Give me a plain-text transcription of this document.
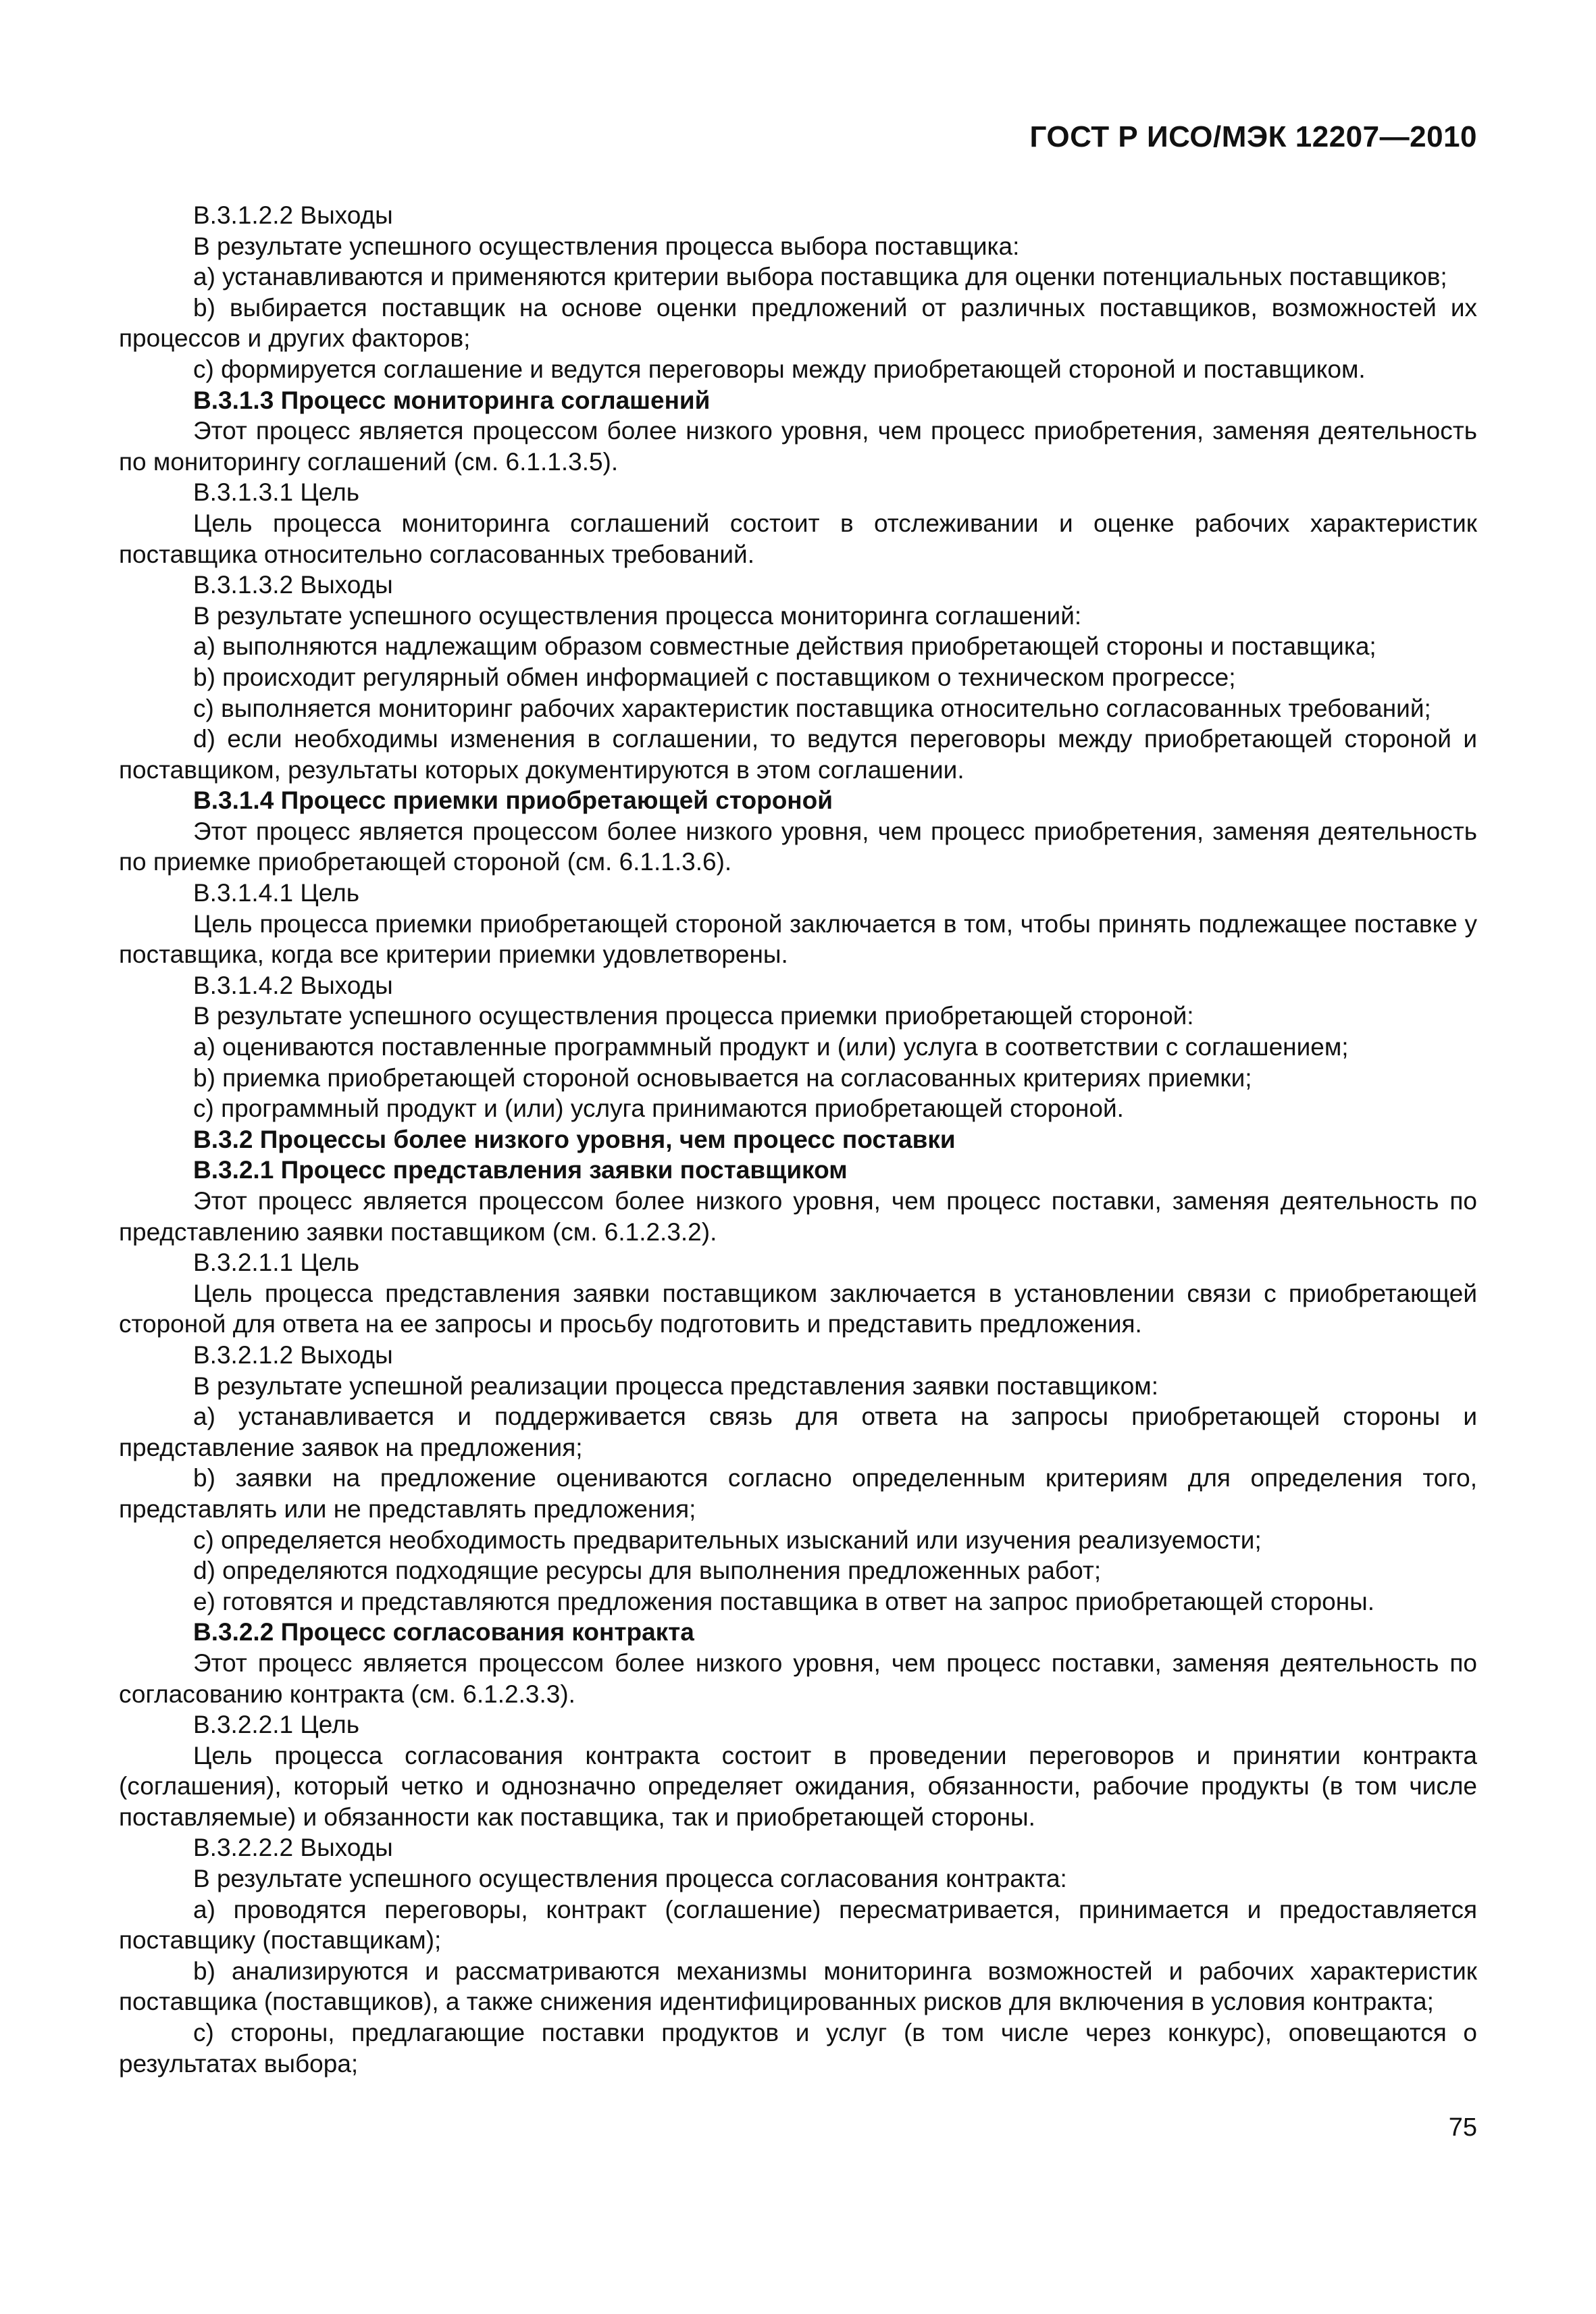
ГОСТ Р ИСО/МЭК 12207—2010

B.3.1.2.2 Выходы

В результате успешного осуществления процесса выбора поставщика:

a) устанавливаются и применяются критерии выбора поставщика для оценки потенциальных поставщиков;

b) выбирается поставщик на основе оценки предложений от различных поставщиков, возможностей их процессов и других факторов;

c) формируется соглашение и ведутся переговоры между приобретающей стороной и поставщиком.

B.3.1.3 Процесс мониторинга соглашений

Этот процесс является процессом более низкого уровня, чем процесс приобретения, заменяя деятельность по мониторингу соглашений (см. 6.1.1.3.5).

B.3.1.3.1 Цель

Цель процесса мониторинга соглашений состоит в отслеживании и оценке рабочих характеристик поставщика относительно согласованных требований.

B.3.1.3.2 Выходы

В результате успешного осуществления процесса мониторинга соглашений:

a) выполняются надлежащим образом совместные действия приобретающей стороны и поставщика;

b) происходит регулярный обмен информацией с поставщиком о техническом прогрессе;

c) выполняется мониторинг рабочих характеристик поставщика относительно согласованных требований;

d) если необходимы изменения в соглашении, то ведутся переговоры между приобретающей стороной и поставщиком, результаты которых документируются в этом соглашении.

B.3.1.4 Процесс приемки приобретающей стороной

Этот процесс является процессом более низкого уровня, чем процесс приобретения, заменяя деятельность по приемке приобретающей стороной (см. 6.1.1.3.6).

B.3.1.4.1 Цель

Цель процесса приемки приобретающей стороной заключается в том, чтобы принять подлежащее поставке у поставщика, когда все критерии приемки удовлетворены.

B.3.1.4.2 Выходы

В результате успешного осуществления процесса приемки приобретающей стороной:

a) оцениваются поставленные программный продукт и (или) услуга в соответствии с соглашением;

b) приемка приобретающей стороной основывается на согласованных критериях приемки;

c) программный продукт и (или) услуга принимаются приобретающей стороной.

B.3.2 Процессы более низкого уровня, чем процесс поставки

B.3.2.1 Процесс представления заявки поставщиком

Этот процесс является процессом более низкого уровня, чем процесс поставки, заменяя деятельность по представлению заявки поставщиком (см. 6.1.2.3.2).

B.3.2.1.1 Цель

Цель процесса представления заявки поставщиком заключается в установлении связи с приобретающей стороной для ответа на ее запросы и просьбу подготовить и представить предложения.

B.3.2.1.2 Выходы

В результате успешной реализации процесса представления заявки поставщиком:

a) устанавливается и поддерживается связь для ответа на запросы приобретающей стороны и представление заявок на предложения;

b) заявки на предложение оцениваются согласно определенным критериям для определения того, представлять или не представлять предложения;

c) определяется необходимость предварительных изысканий или изучения реализуемости;

d) определяются подходящие ресурсы для выполнения предложенных работ;

e) готовятся и представляются предложения поставщика в ответ на запрос приобретающей стороны.

B.3.2.2 Процесс согласования контракта

Этот процесс является процессом более низкого уровня, чем процесс поставки, заменяя деятельность по согласованию контракта (см. 6.1.2.3.3).

B.3.2.2.1 Цель

Цель процесса согласования контракта состоит в проведении переговоров и принятии контракта (соглашения), который четко и однозначно определяет ожидания, обязанности, рабочие продукты (в том числе поставляемые) и обязанности как поставщика, так и приобретающей стороны.

B.3.2.2.2 Выходы

В результате успешного осуществления процесса согласования контракта:

a) проводятся переговоры, контракт (соглашение) пересматривается, принимается и предоставляется поставщику (поставщикам);

b) анализируются и рассматриваются механизмы мониторинга возможностей и рабочих характеристик поставщика (поставщиков), а также снижения идентифицированных рисков для включения в условия контракта;

c) стороны, предлагающие поставки продуктов и услуг (в том числе через конкурс), оповещаются о результатах выбора;

75
